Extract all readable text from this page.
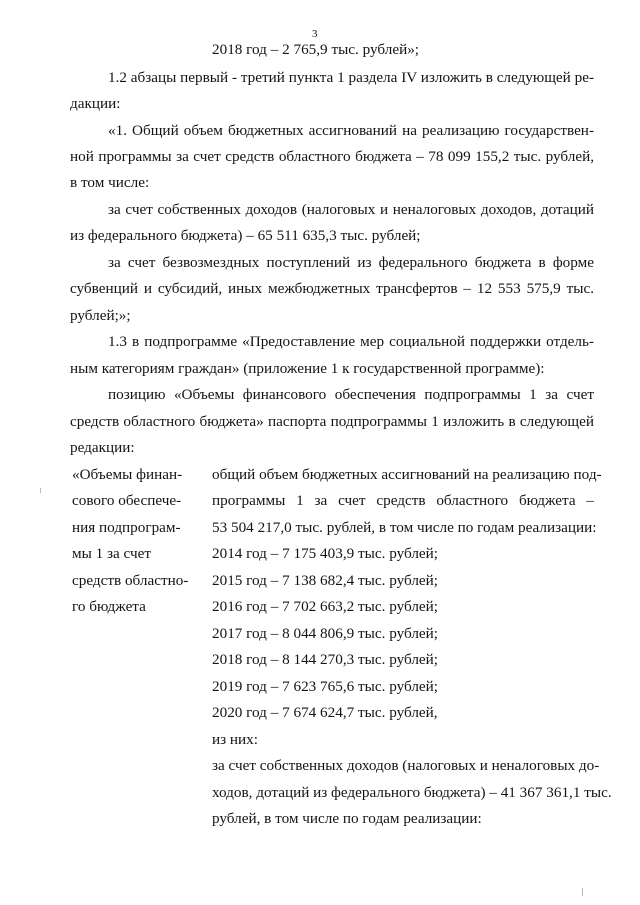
3
2018 год – 2 765,9 тыс. рублей»;
1.2 абзацы первый - третий пункта 1 раздела IV изложить в следующей ре-
дакции:
«1. Общий объем бюджетных ассигнований на реализацию государствен-
ной программы за счет средств областного бюджета – 78 099 155,2 тыс. рублей,
в том числе:
за счет собственных доходов (налоговых и неналоговых доходов, дотаций
из федерального бюджета) – 65 511 635,3 тыс. рублей;
за счет безвозмездных поступлений из федерального бюджета в форме
субвенций и субсидий, иных межбюджетных трансфертов – 12 553 575,9 тыс.
рублей;»;
1.3 в подпрограмме «Предоставление мер социальной поддержки отдель-
ным категориям граждан» (приложение 1 к государственной программе):
позицию «Объемы финансового обеспечения подпрограммы 1 за счет
средств областного бюджета» паспорта подпрограммы 1 изложить в следующей
редакции:
«Объемы финан-
сового обеспече-
ния подпрограм-
мы 1 за счет
средств областно-
го бюджета
общий объем бюджетных ассигнований на реализацию под-
программы 1 за счет средств областного бюджета –
53 504 217,0 тыс. рублей, в том числе по годам реализации:
2014 год – 7 175 403,9 тыс. рублей;
2015 год – 7 138 682,4 тыс. рублей;
2016 год – 7 702 663,2 тыс. рублей;
2017 год – 8 044 806,9 тыс. рублей;
2018 год – 8 144 270,3 тыс. рублей;
2019 год – 7 623 765,6 тыс. рублей;
2020 год – 7 674 624,7 тыс. рублей,
из них:
за счет собственных доходов (налоговых и неналоговых до-
ходов, дотаций из федерального бюджета) – 41 367 361,1 тыс.
рублей, в том числе по годам реализации:
